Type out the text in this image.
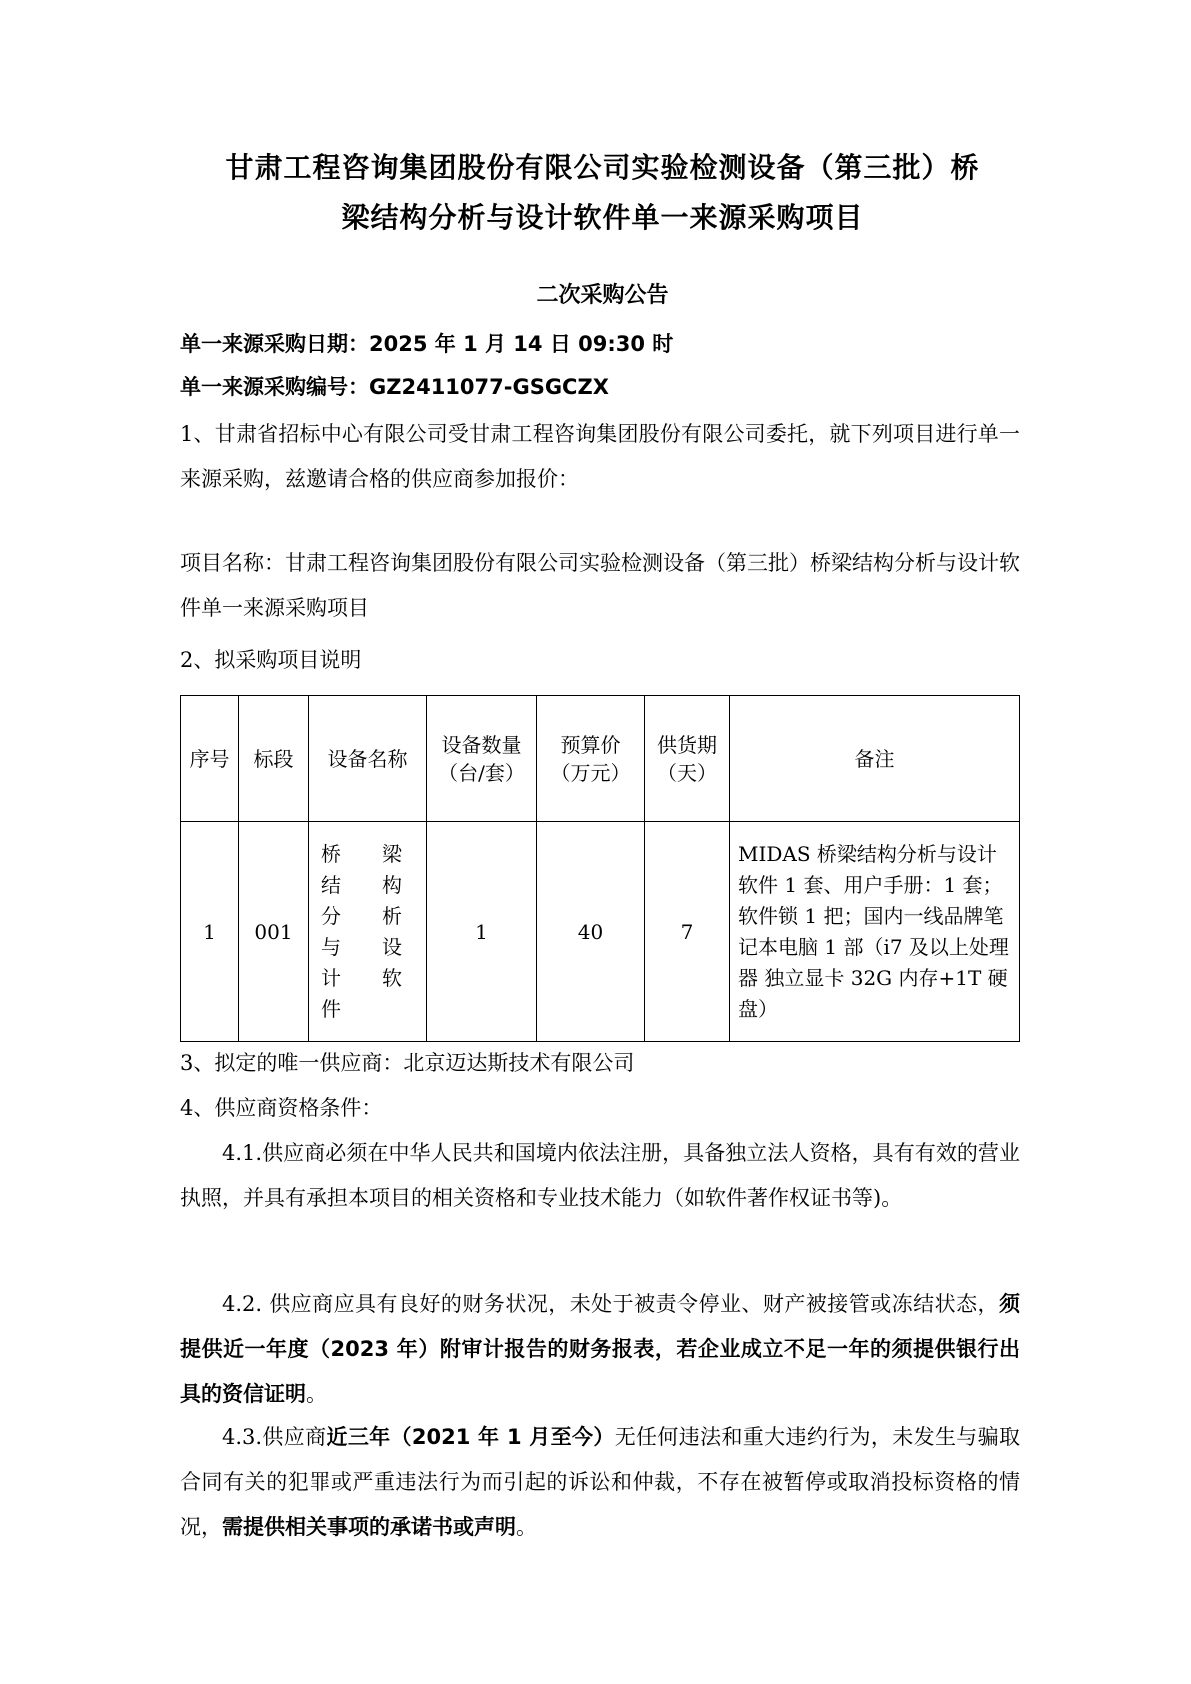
甘肃工程咨询集团股份有限公司实验检测设备（第三批）桥
梁结构分析与设计软件单一来源采购项目
二次采购公告
单一来源采购日期：2025 年 1 月 14 日 09:30 时
单一来源采购编号：GZ2411077-GSGCZX
1、甘肃省招标中心有限公司受甘肃工程咨询集团股份有限公司委托，就下列项目进行单一来源采购，兹邀请合格的供应商参加报价：
项目名称：甘肃工程咨询集团股份有限公司实验检测设备（第三批）桥梁结构分析与设计软件单一来源采购项目
2、拟采购项目说明
序号	标段	设备名称	设备数量（台/套）	预算价（万元）	供货期（天）	备注
1	001	桥梁结构分析与设计软件	1	40	7	MIDAS 桥梁结构分析与设计软件 1 套、用户手册：1 套；软件锁 1 把；国内一线品牌笔记本电脑 1 部（i7 及以上处理器 独立显卡 32G 内存+1T 硬盘）
3、拟定的唯一供应商：北京迈达斯技术有限公司
4、供应商资格条件：
4.1.供应商必须在中华人民共和国境内依法注册，具备独立法人资格，具有有效的营业执照，并具有承担本项目的相关资格和专业技术能力（如软件著作权证书等)。
4.2. 供应商应具有良好的财务状况，未处于被责令停业、财产被接管或冻结状态，须提供近一年度（2023 年）附审计报告的财务报表，若企业成立不足一年的须提供银行出具的资信证明。
4.3.供应商近三年（2021 年 1 月至今）无任何违法和重大违约行为，未发生与骗取合同有关的犯罪或严重违法行为而引起的诉讼和仲裁，不存在被暂停或取消投标资格的情况，需提供相关事项的承诺书或声明。
